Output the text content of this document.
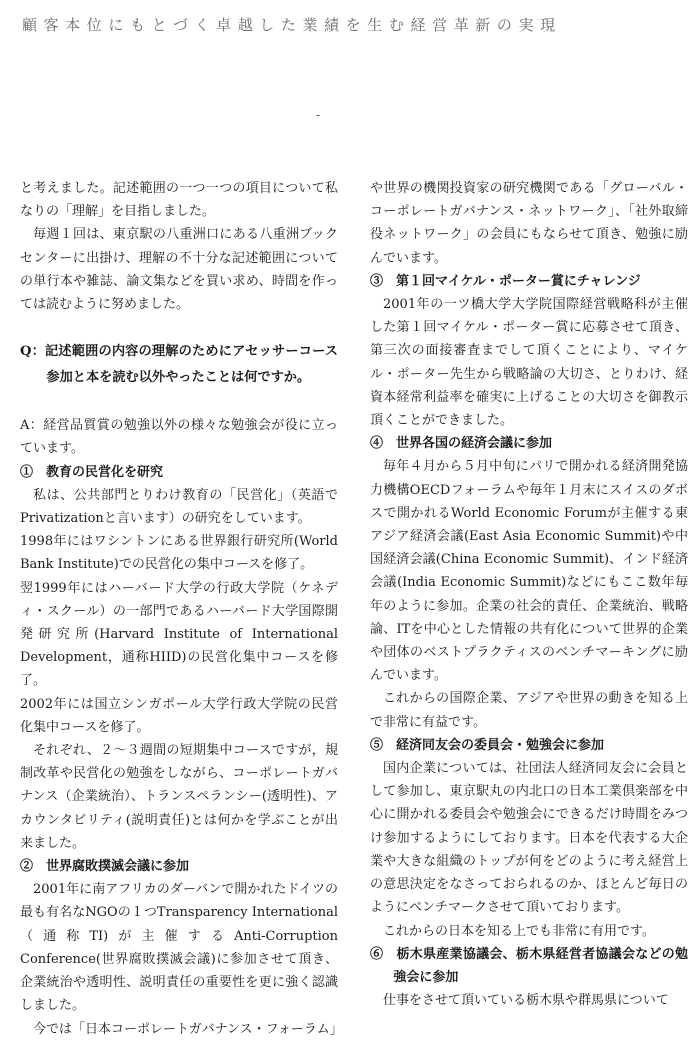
顧客本位にもとづく卓越した業績を生む経営革新の実現
-

と考えました。記述範囲の一つ一つの項目について私なりの「理解」を目指しました。

毎週１回は、東京駅の八重洲口にある八重洲ブックセンターに出掛け、理解の不十分な記述範囲についての単行本や雑誌、論文集などを買い求め、時間を作っては読むように努めました。

Q：記述範囲の内容の理解のためにアセッサーコース参加と本を読む以外やったことは何ですか。

A：経営品質賞の勉強以外の様々な勉強会が役に立っています。

①　教育の民営化を研究

私は、公共部門とりわけ教育の「民営化」（英語でPrivatizationと言います）の研究をしています。

1998年にはワシントンにある世界銀行研究所(World Bank Institute)での民営化の集中コースを修了。

翌1999年にはハーバード大学の行政大学院（ケネディ・スクール）の一部門であるハーバード大学国際開発研究所(Harvard Institute of International Development，通称HIID)の民営化集中コースを修了。

2002年には国立シンガポール大学行政大学院の民営化集中コースを修了。

それぞれ、２～３週間の短期集中コースですが，規制改革や民営化の勉強をしながら、コーポレートガバナンス（企業統治）、トランスペランシー(透明性)、アカウンタビリティ(説明責任)とは何かを学ぶことが出来ました。

②　世界腐敗撲滅会議に参加

2001年に南アフリカのダーバンで開かれたドイツの最も有名なNGOの１つTransparency International（通称TI)が主催するAnti-Corruption Conference(世界腐敗撲滅会議)に参加させて頂き、企業統治や透明性、説明責任の重要性を更に強く認識しました。

今では「日本コーポレートガバナンス・フォーラム」

や世界の機関投資家の研究機関である「グローバル・コーポレートガバナンス・ネットワーク」、「社外取締役ネットワーク」の会員にもならせて頂き、勉強に励んでいます。

③　第１回マイケル・ポーター賞にチャレンジ

2001年の一ツ橋大学大学院国際経営戦略科が主催した第１回マイケル・ポーター賞に応募させて頂き、第三次の面接審査までして頂くことにより、マイケル・ポーター先生から戦略論の大切さ、とりわけ、経資本経常利益率を確実に上げることの大切さを御教示頂くことができました。

④　世界各国の経済会議に参加

毎年４月から５月中旬にパリで開かれる経済開発協力機構OECDフォーラムや毎年１月末にスイスのダボスで開かれるWorld Economic Forumが主催する東アジア経済会議(East Asia Economic Summit)や中国経済会議(China Economic Summit)、インド経済会議(India Economic Summit)などにもここ数年毎年のように参加。企業の社会的責任、企業統治、戦略論、ITを中心とした情報の共有化について世界的企業や団体のベストプラクティスのベンチマーキングに励んでいます。

これからの国際企業、アジアや世界の動きを知る上で非常に有益です。

⑤　経済同友会の委員会・勉強会に参加

国内企業については、社団法人経済同友会に会員として参加し、東京駅丸の内北口の日本工業倶楽部を中心に開かれる委員会や勉強会にできるだけ時間をみつけ参加するようにしております。日本を代表する大企業や大きな組織のトップが何をどのように考え経営上の意思決定をなさっておられるのか、ほとんど毎日のようにベンチマークさせて頂いております。

これからの日本を知る上でも非常に有用です。

⑥　栃木県産業協議会、栃木県経営者協議会などの勉強会に参加

仕事をさせて頂いている栃木県や群馬県について
